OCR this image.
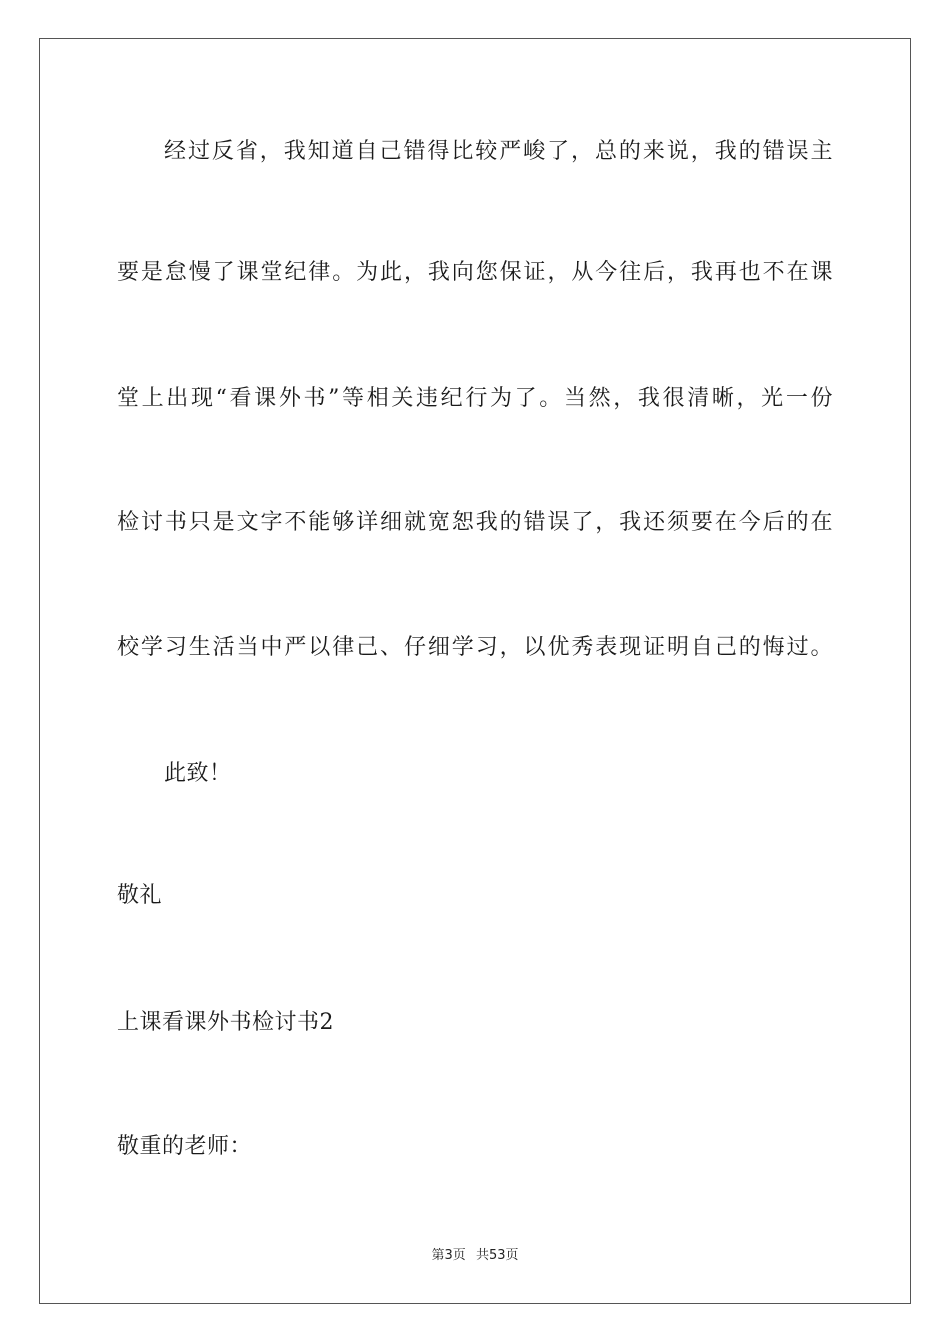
经过反省，我知道自己错得比较严峻了，总的来说，我的错误主
要是怠慢了课堂纪律。为此，我向您保证，从今往后，我再也不在课
堂上出现“看课外书”等相关违纪行为了。当然，我很清晰，光一份
检讨书只是文字不能够详细就宽恕我的错误了，我还须要在今后的在
校学习生活当中严以律己、仔细学习，以优秀表现证明自己的悔过。
此致！
敬礼
上课看课外书检讨书2
敬重的老师：
第3页 共53页
